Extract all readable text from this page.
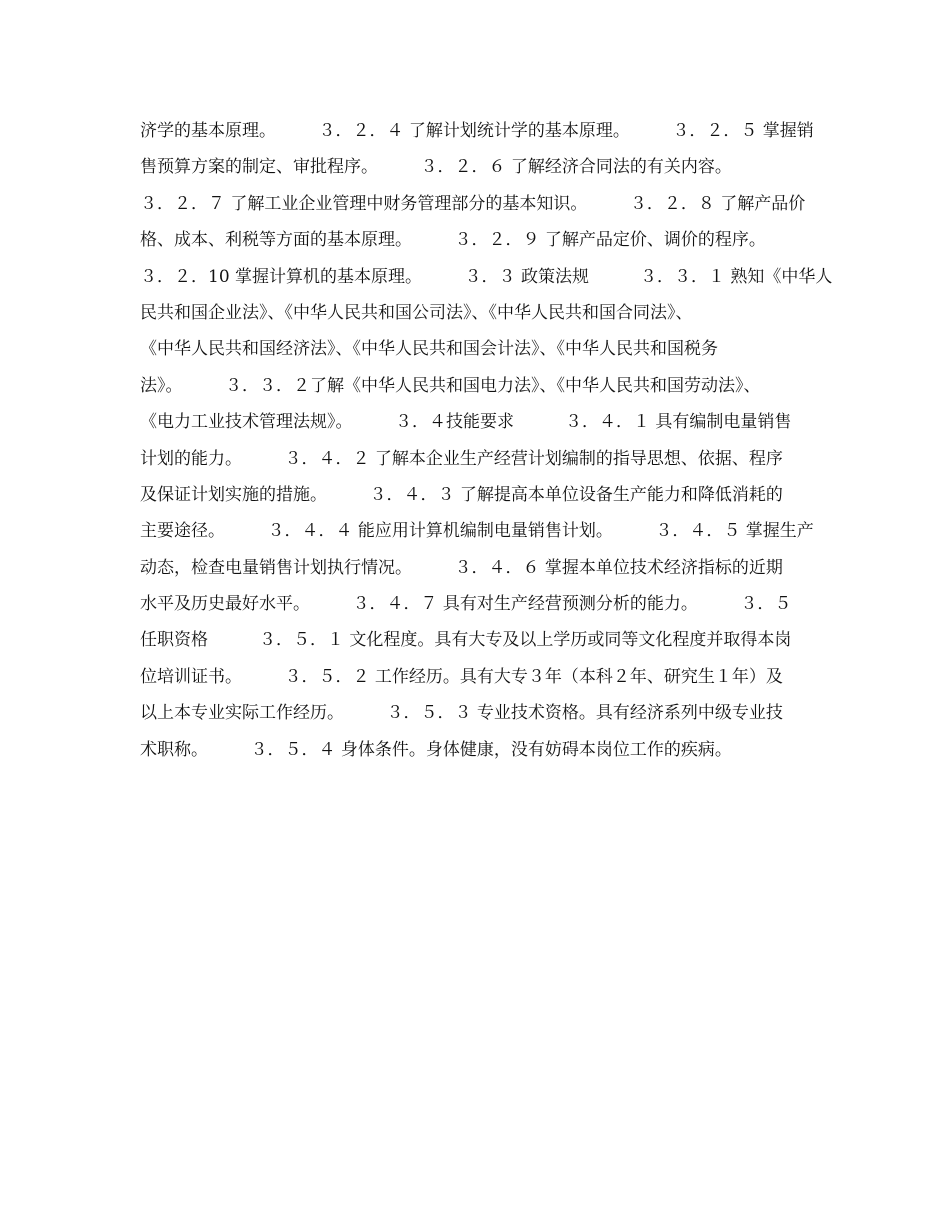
济学的基本原理。　　　３．２．４ 了解计划统计学的基本原理。　　　３．２．５ 掌握销
售预算方案的制定、审批程序。　　　３．２．６ 了解经济合同法的有关内容。
３．２．７ 了解工业企业管理中财务管理部分的基本知识。　　　３．２．８ 了解产品价
格、成本、利税等方面的基本原理。　　　３．２．９ 了解产品定价、调价的程序。
３．２．10 掌握计算机的基本原理。　　　３．３ 政策法规　　　３．３．１ 熟知《中华人
民共和国企业法》、《中华人民共和国公司法》、《中华人民共和国合同法》、
《中华人民共和国经济法》、《中华人民共和国会计法》、《中华人民共和国税务
法》。　　　３．３．２了解《中华人民共和国电力法》、《中华人民共和国劳动法》、
《电力工业技术管理法规》。　　　３．４技能要求　　　３．４．１ 具有编制电量销售
计划的能力。　　　３．４．２ 了解本企业生产经营计划编制的指导思想、依据、程序
及保证计划实施的措施。　　　３．４．３ 了解提高本单位设备生产能力和降低消耗的
主要途径。　　　３．４．４ 能应用计算机编制电量销售计划。　　　３．４．５ 掌握生产
动态，检查电量销售计划执行情况。　　　３．４．６ 掌握本单位技术经济指标的近期
水平及历史最好水平。　　　３．４．７ 具有对生产经营预测分析的能力。　　　３．５
任职资格　　　３．５．１ 文化程度。具有大专及以上学历或同等文化程度并取得本岗
位培训证书。　　　３．５．２ 工作经历。具有大专３年（本科２年、研究生１年）及
以上本专业实际工作经历。　　　３．５．３ 专业技术资格。具有经济系列中级专业技
术职称。　　　３．５．４ 身体条件。身体健康，没有妨碍本岗位工作的疾病。
